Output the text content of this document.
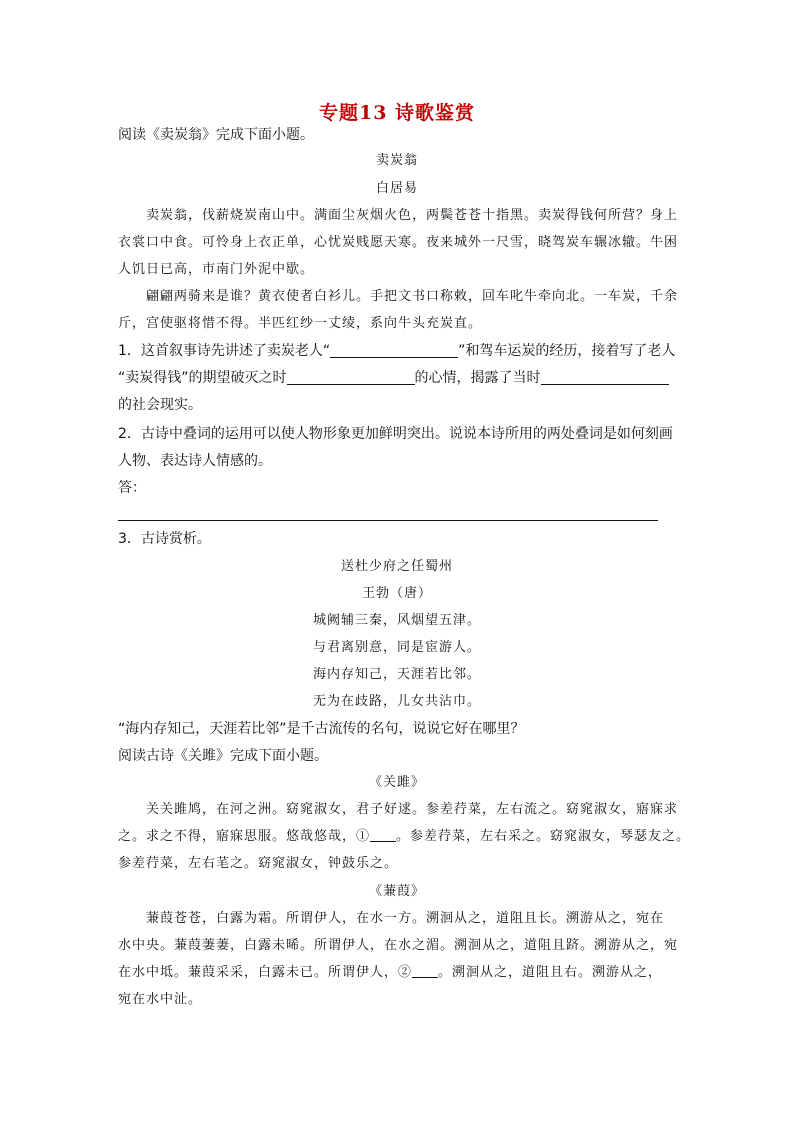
专题13 诗歌鉴赏
阅读《卖炭翁》完成下面小题。
卖炭翁
白居易
卖炭翁，伐薪烧炭南山中。满面尘灰烟火色，两鬓苍苍十指黑。卖炭得钱何所营？身上
衣裳口中食。可怜身上衣正单，心忧炭贱愿天寒。夜来城外一尺雪，晓驾炭车辗冰辙。牛困
人饥日已高，市南门外泥中歇。
翩翩两骑来是谁？黄衣使者白衫儿。手把文书口称敕，回车叱牛牵向北。一车炭，千余
斤，宫使驱将惜不得。半匹红纱一丈绫，系向牛头充炭直。
1．这首叙事诗先讲述了卖炭老人“	”和驾车运炭的经历，接着写了老人
“卖炭得钱”的期望破灭之时	的心情，揭露了当时
的社会现实。
2．古诗中叠词的运用可以使人物形象更加鲜明突出。说说本诗所用的两处叠词是如何刻画
人物、表达诗人情感的。
答：
3．古诗赏析。
送杜少府之任蜀州
王勃（唐）
城阙辅三秦，风烟望五津。
与君离别意，同是宦游人。
海内存知己，天涯若比邻。
无为在歧路，儿女共沾巾。
“海内存知己，天涯若比邻”是千古流传的名句，说说它好在哪里？
阅读古诗《关雎》完成下面小题。
《关雎》
关关雎鸠，在河之洲。窈窕淑女，君子好逑。参差荇菜，左右流之。窈窕淑女，寤寐求
之。求之不得，寤寐思服。悠哉悠哉，① 。参差荇菜，左右采之。窈窕淑女，琴瑟友之。
参差荇菜，左右芼之。窈窕淑女，钟鼓乐之。
《蒹葭》
蒹葭苍苍，白露为霜。所谓伊人，在水一方。溯洄从之，道阻且长。溯游从之，宛在
水中央。蒹葭萋萋，白露未晞。所谓伊人，在水之湄。溯洄从之，道阻且跻。溯游从之，宛
在水中坻。蒹葭采采，白露未已。所谓伊人，② 。溯洄从之，道阻且右。溯游从之，
宛在水中沚。
